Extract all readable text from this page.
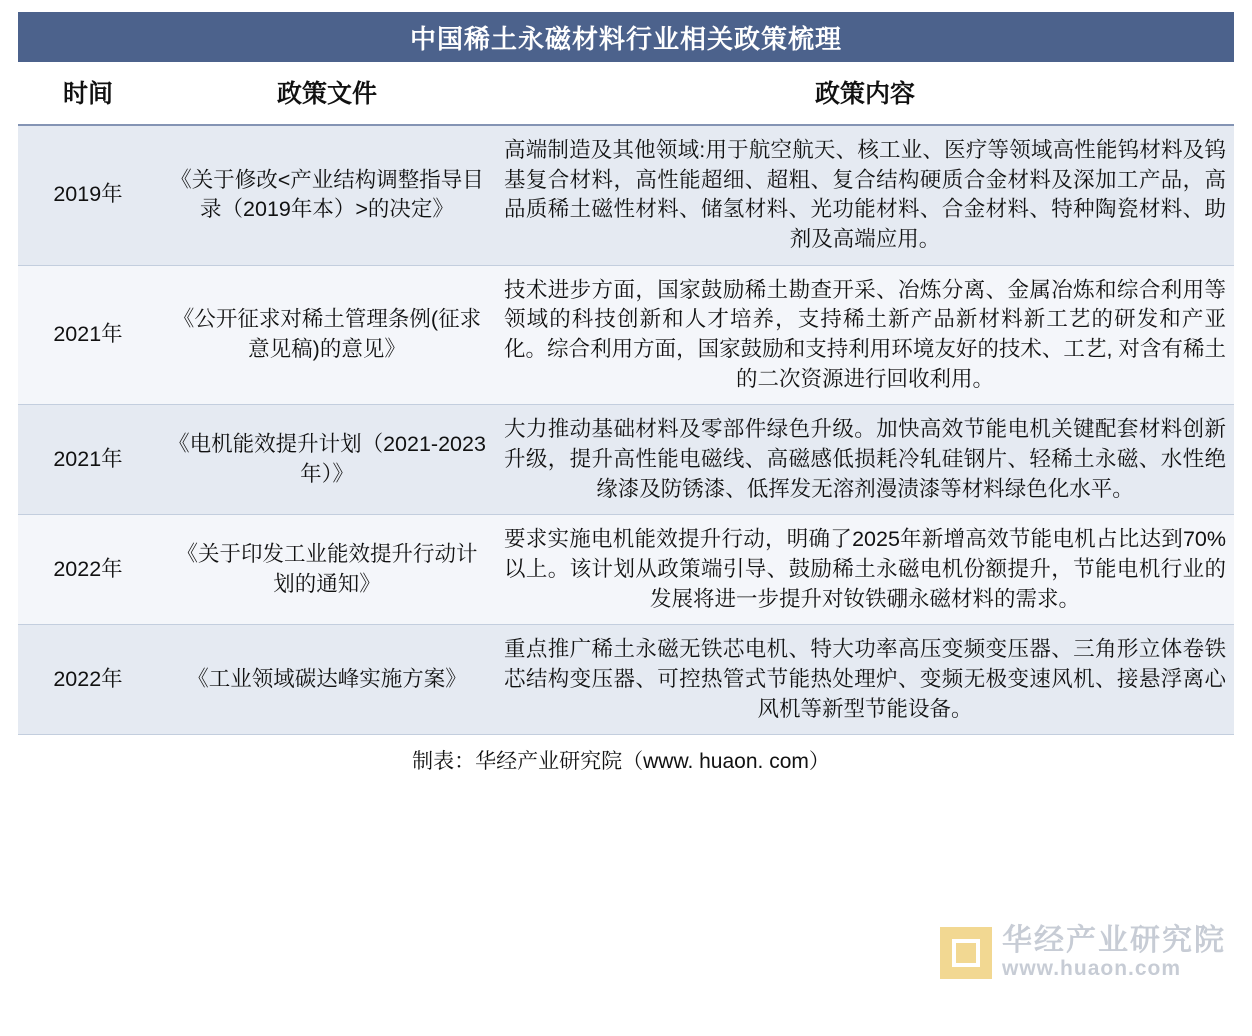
中国稀土永磁材料行业相关政策梳理
时间	政策文件	政策内容
2019年	《关于修改<产业结构调整指导目录（2019年本）>的决定》	高端制造及其他领域:用于航空航天、核工业、医疗等领域高性能钨材料及钨基复合材料，高性能超细、超粗、复合结构硬质合金材料及深加工产品，高品质稀土磁性材料、储氢材料、光功能材料、合金材料、特种陶瓷材料、助剂及高端应用。
2021年	《公开征求对稀土管理条例(征求意见稿)的意见》	技术进步方面，国家鼓励稀土勘查开采、冶炼分离、金属冶炼和综合利用等领域的科技创新和人才培养，支持稀土新产品新材料新工艺的研发和产亚化。综合利用方面，国家鼓励和支持利用环境友好的技术、工艺, 对含有稀土的二次资源进行回收利用。
2021年	《电机能效提升计划（2021-2023年）》	大力推动基础材料及零部件绿色升级。加快高效节能电机关键配套材料创新升级，提升高性能电磁线、高磁感低损耗冷轧硅钢片、轻稀土永磁、水性绝缘漆及防锈漆、低挥发无溶剂漫渍漆等材料绿色化水平。
2022年	《关于印发工业能效提升行动计划的通知》	要求实施电机能效提升行动，明确了2025年新增高效节能电机占比达到70%以上。该计划从政策端引导、鼓励稀土永磁电机份额提升，节能电机行业的发展将进一步提升对钕铁硼永磁材料的需求。
2022年	《工业领域碳达峰实施方案》	重点推广稀土永磁无铁芯电机、特大功率高压变频变压器、三角形立体卷铁芯结构变压器、可控热管式节能热处理炉、变频无极变速风机、接悬浮离心风机等新型节能设备。
制表：华经产业研究院（www. huaon. com）
华经产业研究院
www.huaon.com
